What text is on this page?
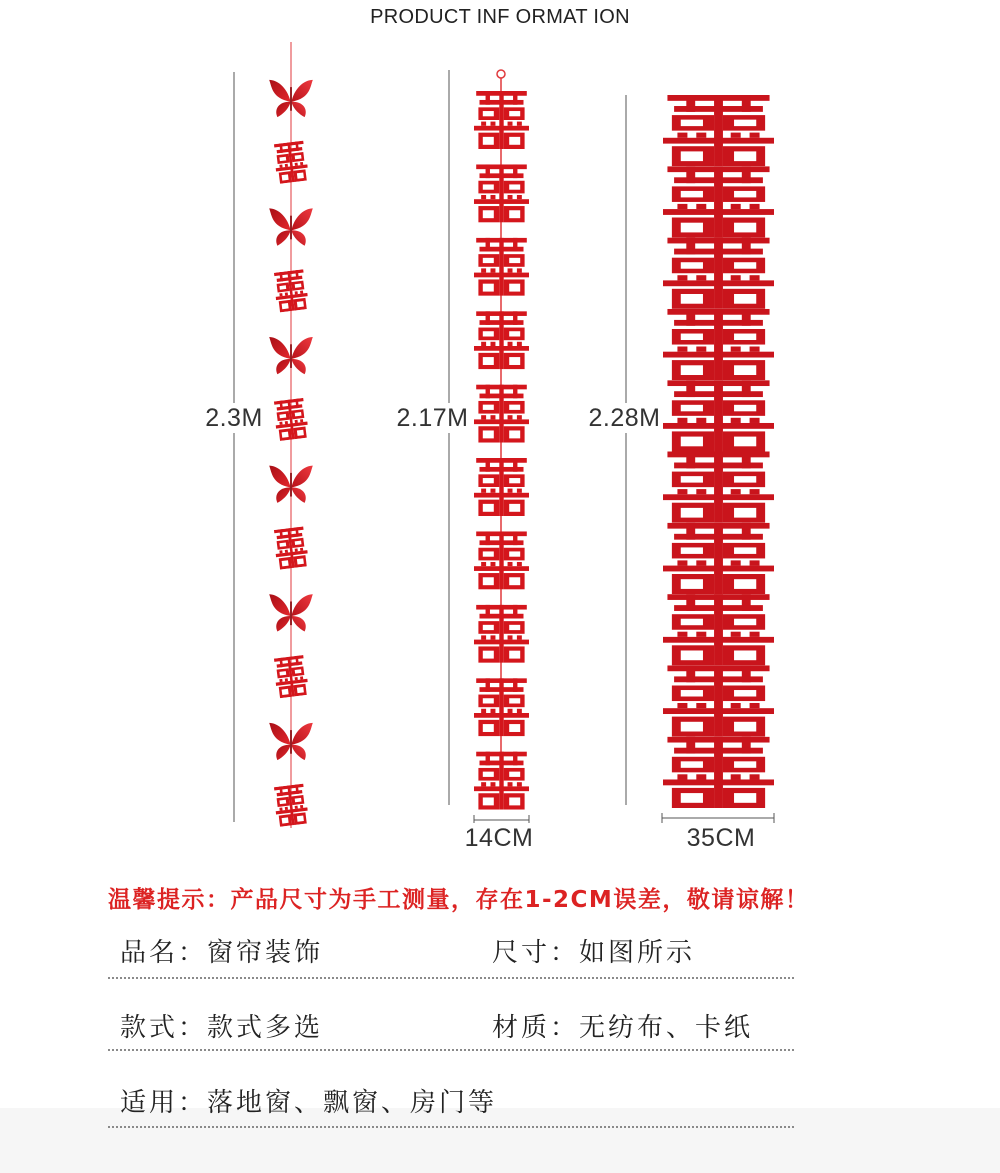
PRODUCT INF ORMAT ION
2.3M	2.17M	2.28M
14CM	35CM
温馨提示：产品尺寸为手工测量，存在1-2CM误差，敬请谅解！
品名：窗帘装饰	尺寸：如图所示
款式：款式多选	材质：无纺布、卡纸
适用：落地窗、飘窗、房门等
